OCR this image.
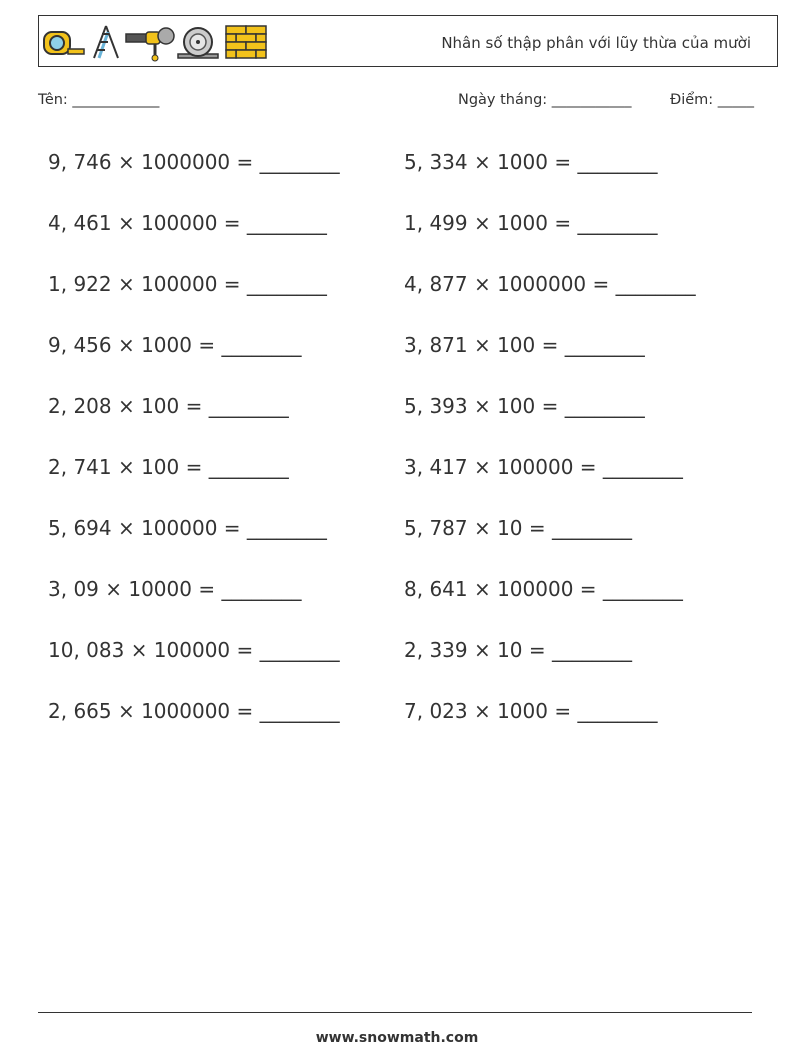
Nhân số thập phân với lũy thừa của mười
Tên: ____________	Ngày tháng: ___________	Điểm: _____
9, 746 × 1000000 = ________
4, 461 × 100000 = ________
1, 922 × 100000 = ________
9, 456 × 1000 = ________
2, 208 × 100 = ________
2, 741 × 100 = ________
5, 694 × 100000 = ________
3, 09 × 10000 = ________
10, 083 × 100000 = ________
2, 665 × 1000000 = ________
5, 334 × 1000 = ________
1, 499 × 1000 = ________
4, 877 × 1000000 = ________
3, 871 × 100 = ________
5, 393 × 100 = ________
3, 417 × 100000 = ________
5, 787 × 10 = ________
8, 641 × 100000 = ________
2, 339 × 10 = ________
7, 023 × 1000 = ________
www.snowmath.com
